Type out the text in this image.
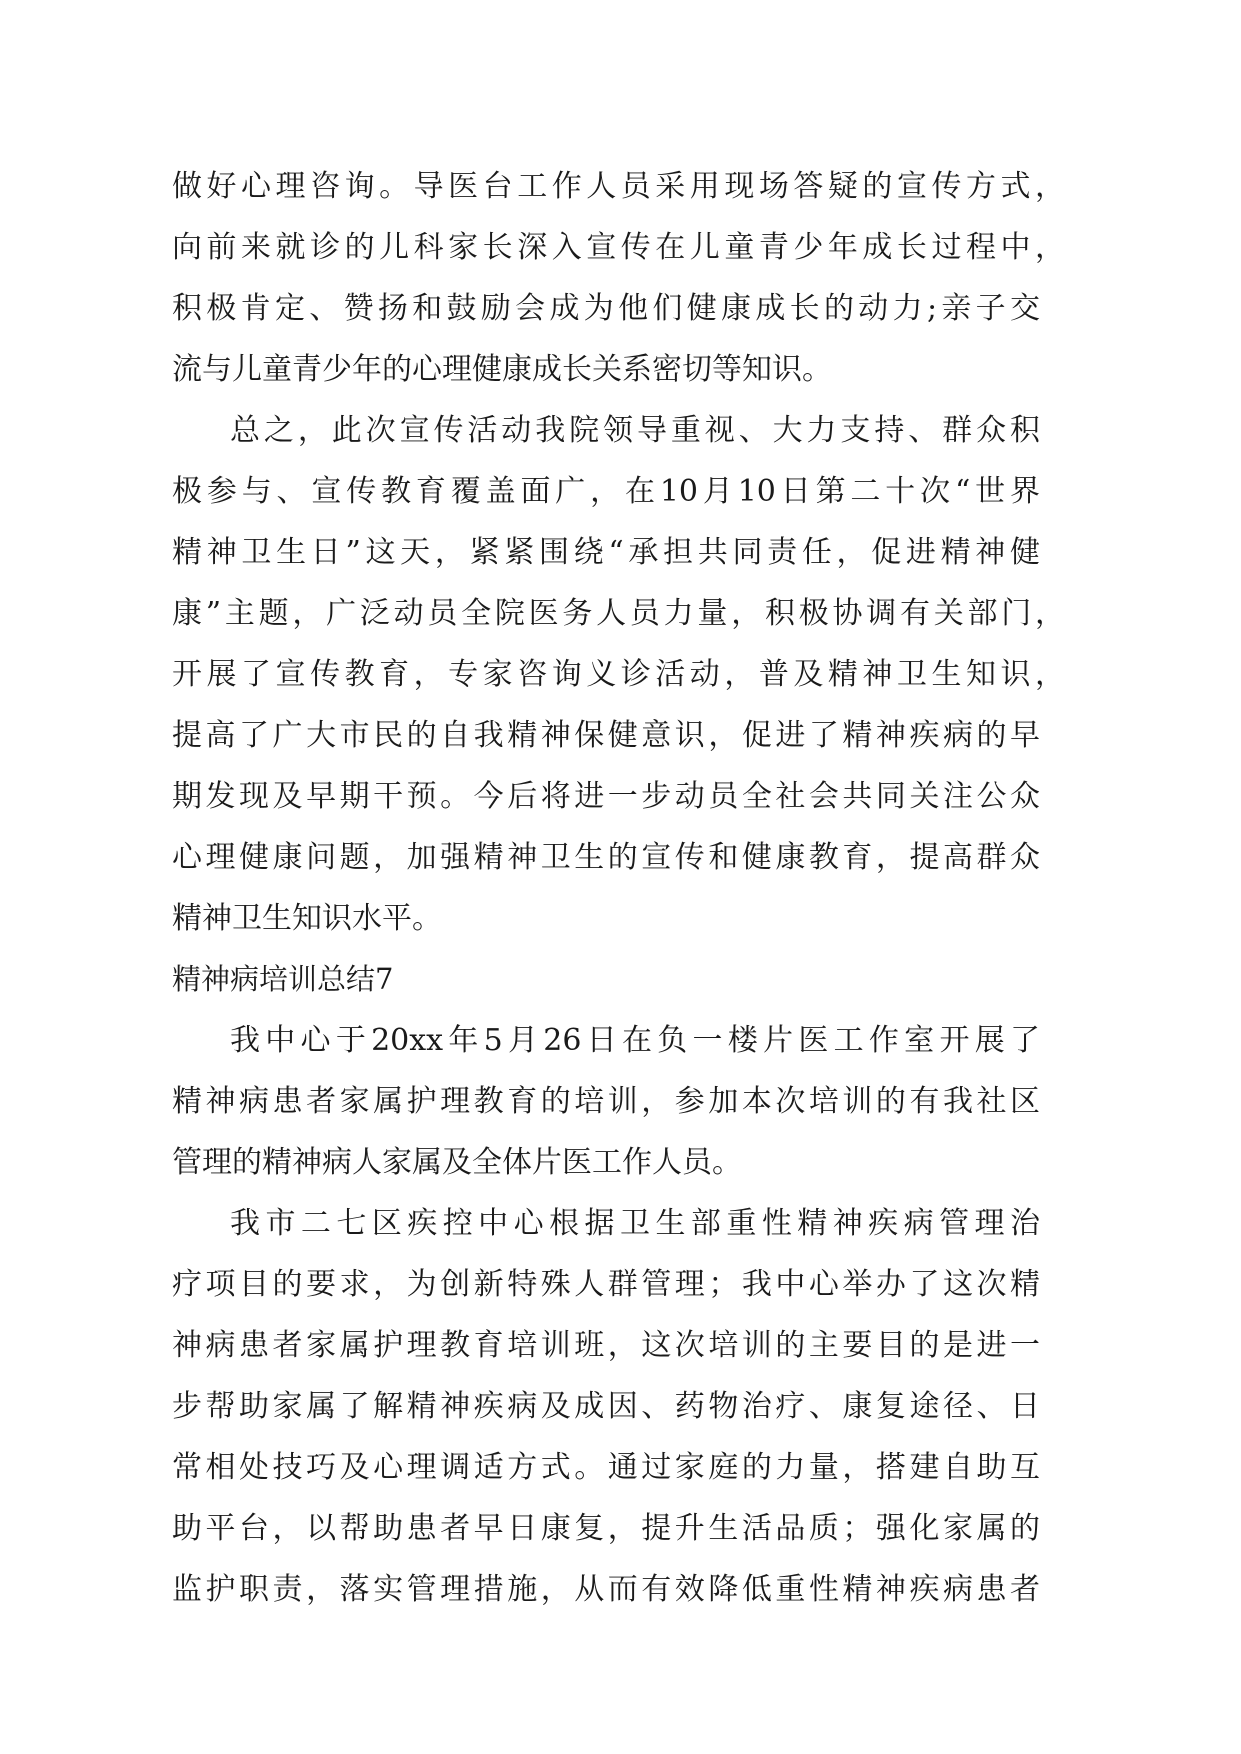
做好心理咨询。导医台工作人员采用现场答疑的宣传方式，
向前来就诊的儿科家长深入宣传在儿童青少年成长过程中，
积极肯定、赞扬和鼓励会成为他们健康成长的动力;亲子交
流与儿童青少年的心理健康成长关系密切等知识。
总之，此次宣传活动我院领导重视、大力支持、群众积
极参与、宣传教育覆盖面广，在10月10日第二十次“世界
精神卫生日”这天，紧紧围绕“承担共同责任，促进精神健
康”主题，广泛动员全院医务人员力量，积极协调有关部门，
开展了宣传教育，专家咨询义诊活动，普及精神卫生知识，
提高了广大市民的自我精神保健意识，促进了精神疾病的早
期发现及早期干预。今后将进一步动员全社会共同关注公众
心理健康问题，加强精神卫生的宣传和健康教育，提高群众
精神卫生知识水平。
精神病培训总结7
我中心于20xx年5月26日在负一楼片医工作室开展了
精神病患者家属护理教育的培训，参加本次培训的有我社区
管理的精神病人家属及全体片医工作人员。
我市二七区疾控中心根据卫生部重性精神疾病管理治
疗项目的要求，为创新特殊人群管理；我中心举办了这次精
神病患者家属护理教育培训班，这次培训的主要目的是进一
步帮助家属了解精神疾病及成因、药物治疗、康复途径、日
常相处技巧及心理调适方式。通过家庭的力量，搭建自助互
助平台，以帮助患者早日康复，提升生活品质；强化家属的
监护职责，落实管理措施，从而有效降低重性精神疾病患者
